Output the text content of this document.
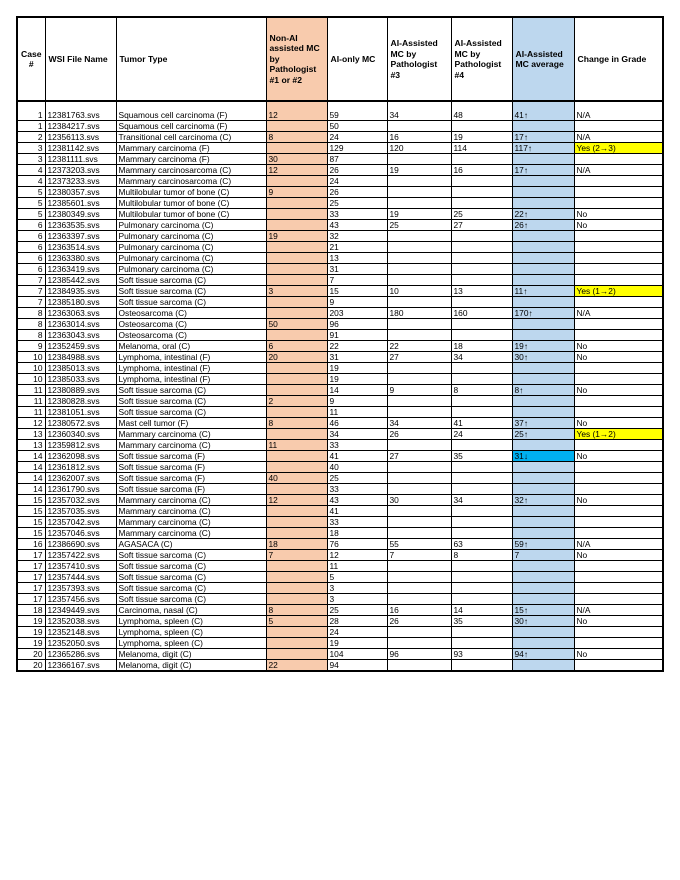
Case #	WSI File Name	Tumor Type	Non-AI assisted MC by Pathologist #1 or #2	AI-only MC	AI-Assisted MC by Pathologist #3	AI-Assisted MC by Pathologist #4	AI-Assisted MC average	Change in Grade
1	12381763.svs	Squamous cell carcinoma (F)	12	59	34	48	41↑	N/A
1	12384217.svs	Squamous cell carcinoma (F)		50				
2	12356113.svs	Transitional cell carcinoma (C)	8	24	16	19	17↑	N/A
3	12381142.svs	Mammary carcinoma (F)		129	120	114	117↑	Yes (2→3)
3	12381111.svs	Mammary carcinoma (F)	30	87				
4	12373203.svs	Mammary carcinosarcoma (C)	12	26	19	16	17↑	N/A
4	12373233.svs	Mammary carcinosarcoma (C)		24				
5	12380357.svs	Multilobular tumor of bone (C)	9	26				
5	12385601.svs	Multilobular tumor of bone (C)		25				
5	12380349.svs	Multilobular tumor of bone (C)		33	19	25	22↑	No
6	12363535.svs	Pulmonary carcinoma (C)		43	25	27	26↑	No
6	12363397.svs	Pulmonary carcinoma (C)	19	32				
6	12363514.svs	Pulmonary carcinoma (C)		21				
6	12363380.svs	Pulmonary carcinoma (C)		13				
6	12363419.svs	Pulmonary carcinoma (C)		31				
7	12385442.svs	Soft tissue sarcoma (C)		7				
7	12384935.svs	Soft tissue sarcoma (C)	3	15	10	13	11↑	Yes (1→2)
7	12385180.svs	Soft tissue sarcoma (C)		9				
8	12363063.svs	Osteosarcoma (C)		203	180	160	170↑	N/A
8	12363014.svs	Osteosarcoma (C)	50	96				
8	12363043.svs	Osteosarcoma (C)		91				
9	12352459.svs	Melanoma, oral (C)	6	22	22	18	19↑	No
10	12384988.svs	Lymphoma, intestinal (F)	20	31	27	34	30↑	No
10	12385013.svs	Lymphoma, intestinal (F)		19				
10	12385033.svs	Lymphoma, intestinal (F)		19				
11	12380889.svs	Soft tissue sarcoma (C)		14	9	8	8↑	No
11	12380828.svs	Soft tissue sarcoma (C)	2	9				
11	12381051.svs	Soft tissue sarcoma (C)		11				
12	12380572.svs	Mast cell tumor (F)	8	46	34	41	37↑	No
13	12360340.svs	Mammary carcinoma (C)		34	26	24	25↑	Yes (1→2)
13	12359812.svs	Mammary carcinoma (C)	11	33				
14	12362098.svs	Soft tissue sarcoma (F)		41	27	35	31↓	No
14	12361812.svs	Soft tissue sarcoma (F)		40				
14	12362007.svs	Soft tissue sarcoma (F)	40	25				
14	12361790.svs	Soft tissue sarcoma (F)		33				
15	12357032.svs	Mammary carcinoma (C)	12	43	30	34	32↑	No
15	12357035.svs	Mammary carcinoma (C)		41				
15	12357042.svs	Mammary carcinoma (C)		33				
15	12357046.svs	Mammary carcinoma (C)		18				
16	12386690.svs	AGASACA (C)	18	76	55	63	59↑	N/A
17	12357422.svs	Soft tissue sarcoma (C)	7	12	7	8	7	No
17	12357410.svs	Soft tissue sarcoma (C)		11				
17	12357444.svs	Soft tissue sarcoma (C)		5				
17	12357393.svs	Soft tissue sarcoma (C)		3				
17	12357456.svs	Soft tissue sarcoma (C)		3				
18	12349449.svs	Carcinoma, nasal (C)	8	25	16	14	15↑	N/A
19	12352038.svs	Lymphoma, spleen (C)	5	28	26	35	30↑	No
19	12352148.svs	Lymphoma, spleen (C)		24				
19	12352050.svs	Lymphoma, spleen (C)		19				
20	12365286.svs	Melanoma, digit (C)		104	96	93	94↑	No
20	12366167.svs	Melanoma, digit (C)	22	94				
